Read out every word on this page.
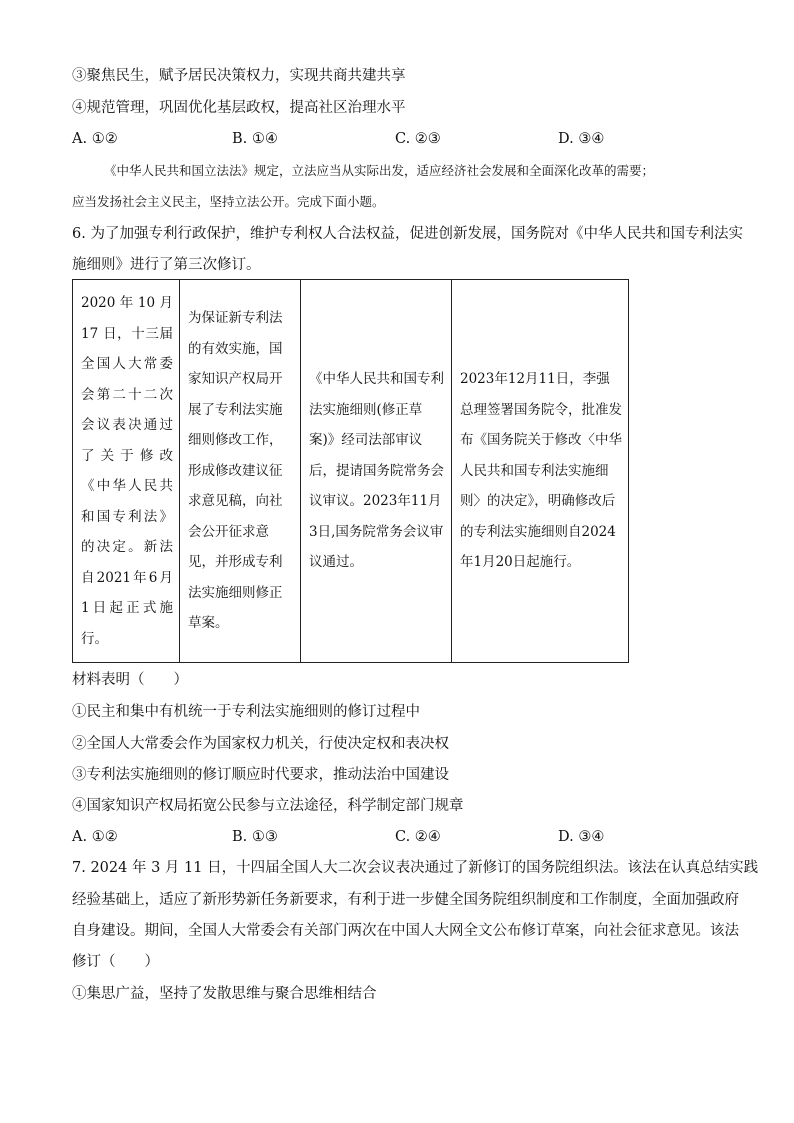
③聚焦民生，赋予居民决策权力，实现共商共建共享
④规范管理，巩固优化基层政权，提高社区治理水平
A. ①②	B. ①④	C. ②③	D. ③④
《中华人民共和国立法法》规定，立法应当从实际出发，适应经济社会发展和全面深化改革的需要；
应当发扬社会主义民主，坚持立法公开。完成下面小题。
6. 为了加强专利行政保护，维护专利权人合法权益，促进创新发展，国务院对《中华人民共和国专利法实
施细则》进行了第三次修订。
2020 年 10 月 17 日，十三届全国人大常委会第二十二次会议表决通过了关于修改《中华人民共和国专利法》的决定。新法自2021年6月1日起正式施行。	为保证新专利法的有效实施，国家知识产权局开展了专利法实施细则修改工作，形成修改建议征求意见稿，向社会公开征求意见，并形成专利法实施细则修正草案。	《中华人民共和国专利法实施细则(修正草案)》经司法部审议后，提请国务院常务会议审议。2023年11月3日,国务院常务会议审议通过。	2023年12月11日，李强总理签署国务院令，批准发布《国务院关于修改〈中华人民共和国专利法实施细则〉的决定》，明确修改后的专利法实施细则自2024年1月20日起施行。
材料表明（　　）
①民主和集中有机统一于专利法实施细则的修订过程中
②全国人大常委会作为国家权力机关，行使决定权和表决权
③专利法实施细则的修订顺应时代要求，推动法治中国建设
④国家知识产权局拓宽公民参与立法途径，科学制定部门规章
A. ①②	B. ①③	C. ②④	D. ③④
7. 2024 年 3 月 11 日，十四届全国人大二次会议表决通过了新修订的国务院组织法。该法在认真总结实践
经验基础上，适应了新形势新任务新要求，有利于进一步健全国务院组织制度和工作制度，全面加强政府
自身建设。期间，全国人大常委会有关部门两次在中国人大网全文公布修订草案，向社会征求意见。该法
修订（　　）
①集思广益，坚持了发散思维与聚合思维相结合
